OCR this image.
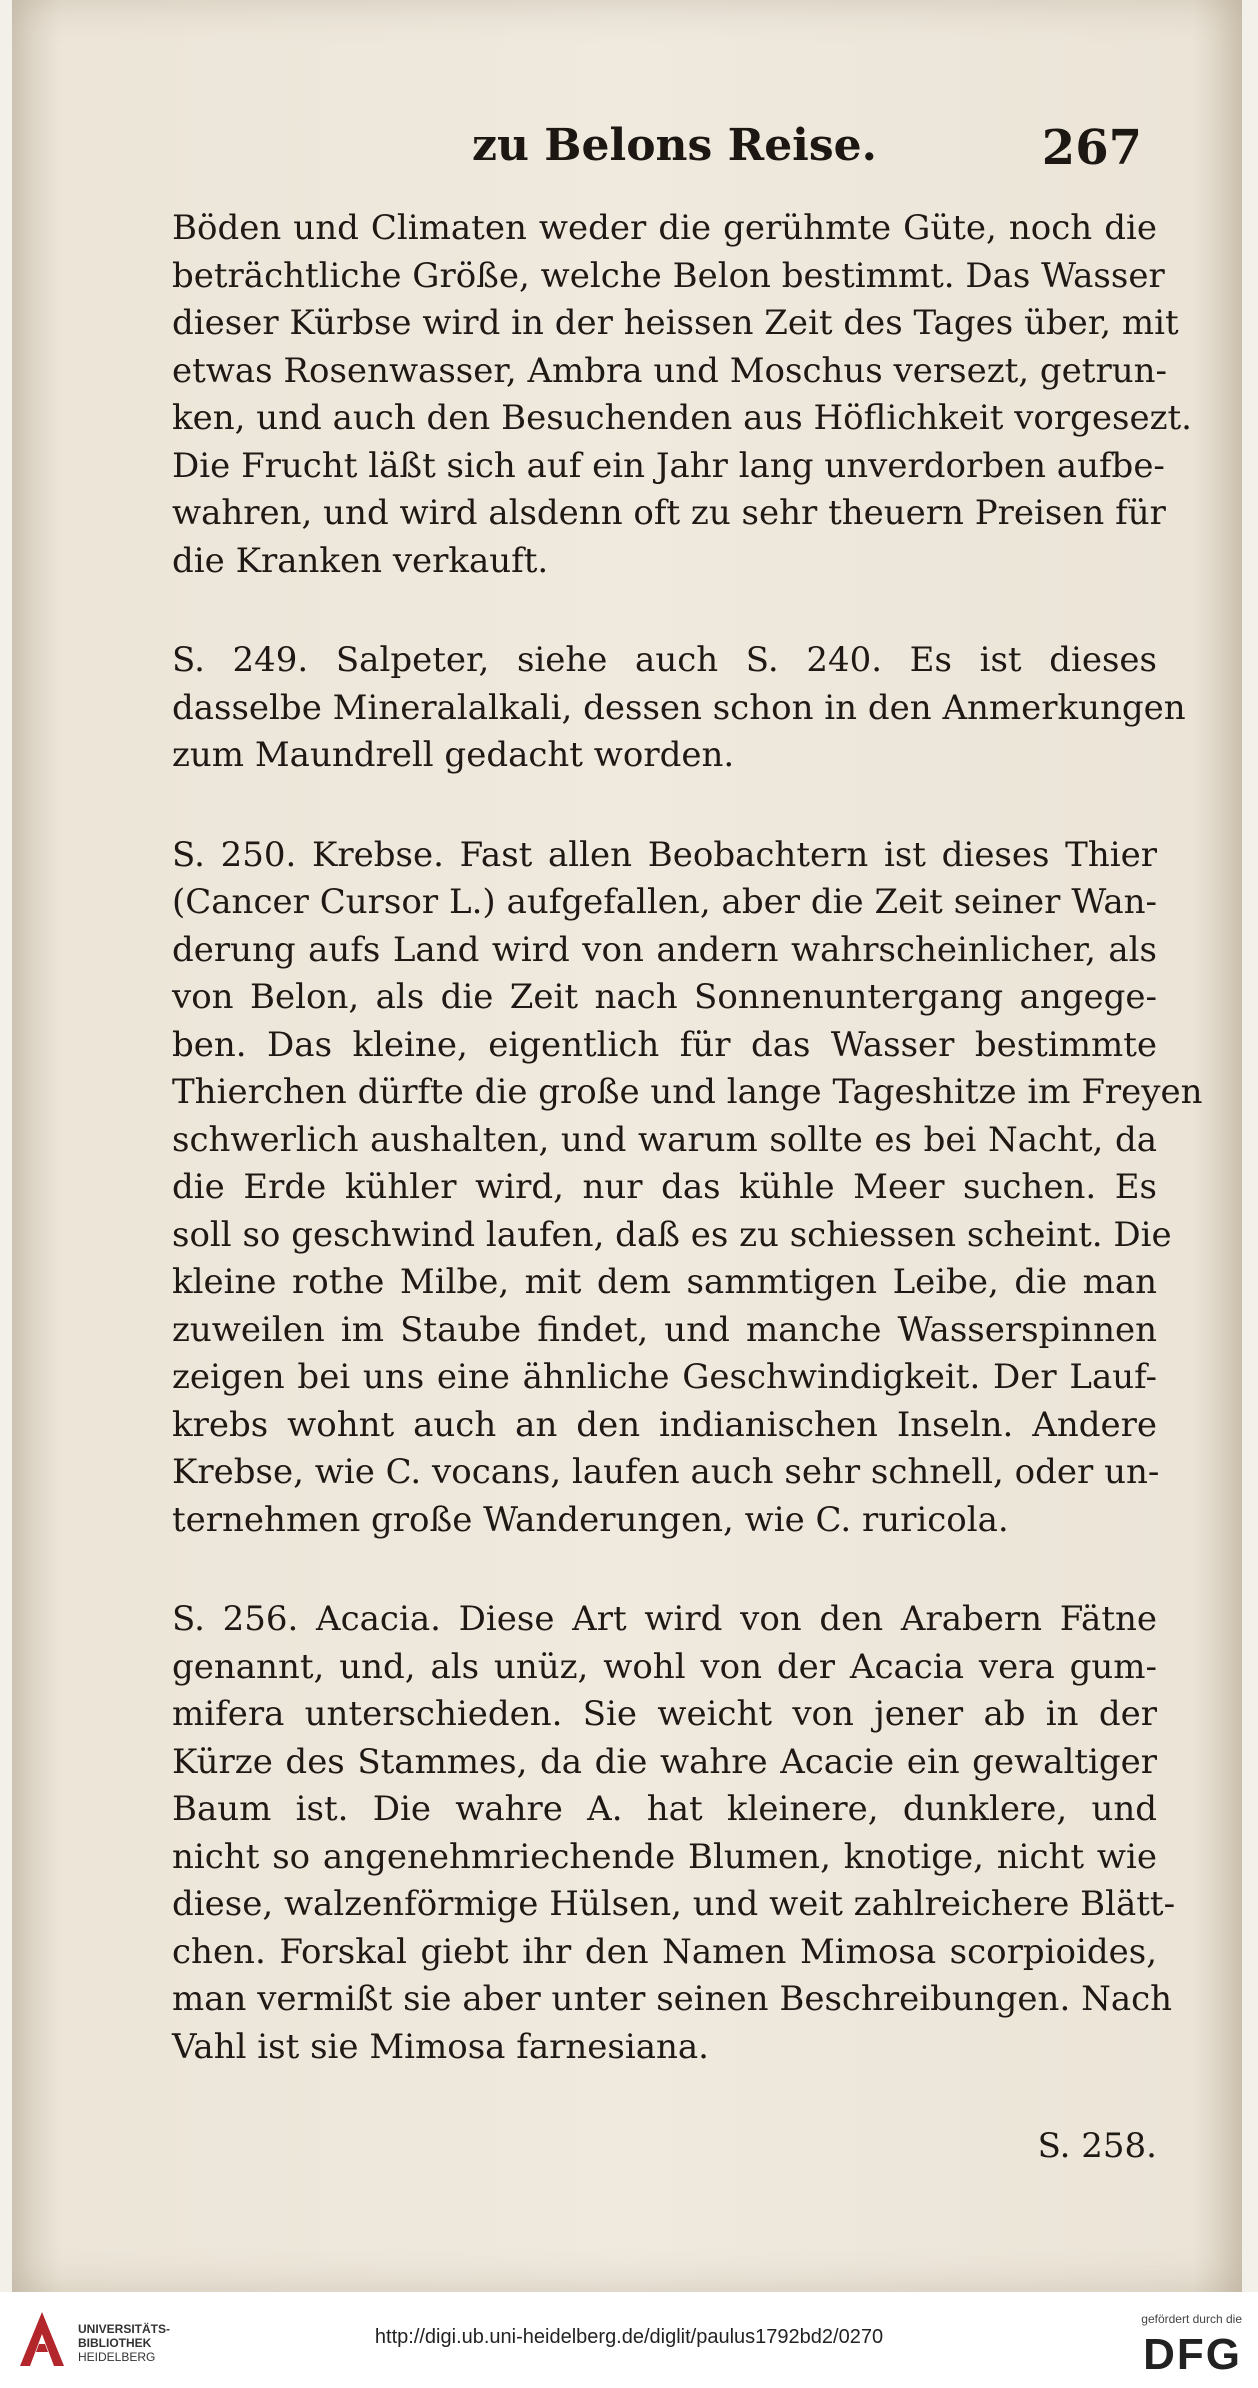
zu Belons Reise.	267
Böden und Climaten weder die gerühmte Güte, noch die
beträchtliche Größe, welche Belon bestimmt. Das Wasser
dieser Kürbse wird in der heissen Zeit des Tages über, mit
etwas Rosenwasser, Ambra und Moschus versezt, getrun-
ken, und auch den Besuchenden aus Höflichkeit vorgesezt.
Die Frucht läßt sich auf ein Jahr lang unverdorben aufbe-
wahren, und wird alsdenn oft zu sehr theuern Preisen für
die Kranken verkauft.
S. 249. Salpeter, siehe auch S. 240. Es ist dieses
dasselbe Mineralalkali, dessen schon in den Anmerkungen
zum Maundrell gedacht worden.
S. 250. Krebse. Fast allen Beobachtern ist dieses Thier
(Cancer Cursor L.) aufgefallen, aber die Zeit seiner Wan-
derung aufs Land wird von andern wahrscheinlicher, als
von Belon, als die Zeit nach Sonnenuntergang angege-
ben. Das kleine, eigentlich für das Wasser bestimmte
Thierchen dürfte die große und lange Tageshitze im Freyen
schwerlich aushalten, und warum sollte es bei Nacht, da
die Erde kühler wird, nur das kühle Meer suchen. Es
soll so geschwind laufen, daß es zu schiessen scheint. Die
kleine rothe Milbe, mit dem sammtigen Leibe, die man
zuweilen im Staube findet, und manche Wasserspinnen
zeigen bei uns eine ähnliche Geschwindigkeit. Der Lauf-
krebs wohnt auch an den indianischen Inseln. Andere
Krebse, wie C. vocans, laufen auch sehr schnell, oder un-
ternehmen große Wanderungen, wie C. ruricola.
S. 256. Acacia. Diese Art wird von den Arabern Fätne
genannt, und, als unüz, wohl von der Acacia vera gum-
mifera unterschieden. Sie weicht von jener ab in der
Kürze des Stammes, da die wahre Acacie ein gewaltiger
Baum ist. Die wahre A. hat kleinere, dunklere, und
nicht so angenehmriechende Blumen, knotige, nicht wie
diese, walzenförmige Hülsen, und weit zahlreichere Blätt-
chen. Forskal giebt ihr den Namen Mimosa scorpioides,
man vermißt sie aber unter seinen Beschreibungen. Nach
Vahl ist sie Mimosa farnesiana.
S. 258.
UNIVERSITÄTS-
BIBLIOTHEK
HEIDELBERG
http://digi.ub.uni-heidelberg.de/diglit/paulus1792bd2/0270
gefördert durch die
DFG
